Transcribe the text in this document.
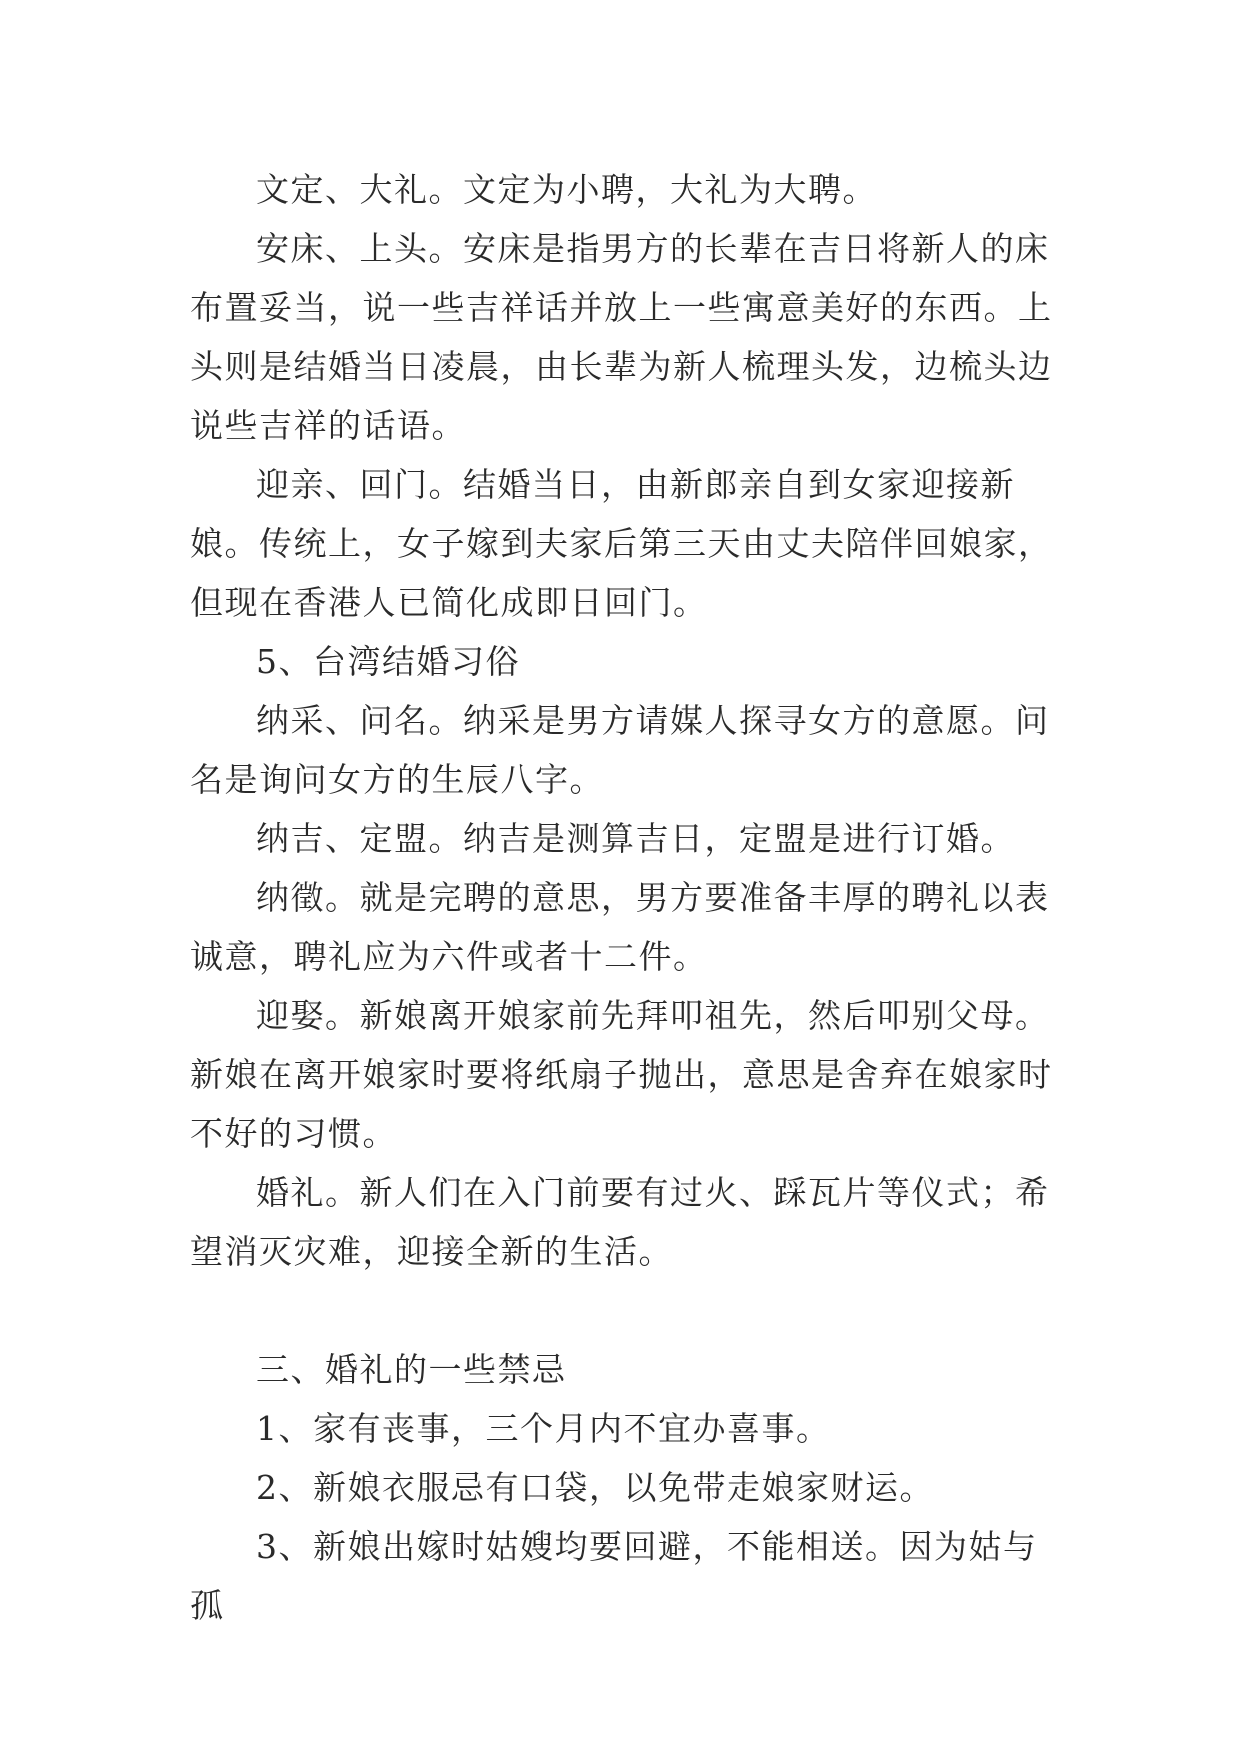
文定、大礼。文定为小聘，大礼为大聘。

安床、上头。安床是指男方的长辈在吉日将新人的床布置妥当，说一些吉祥话并放上一些寓意美好的东西。上头则是结婚当日凌晨，由长辈为新人梳理头发，边梳头边说些吉祥的话语。

迎亲、回门。结婚当日，由新郎亲自到女家迎接新娘。传统上，女子嫁到夫家后第三天由丈夫陪伴回娘家，但现在香港人已简化成即日回门。

5、台湾结婚习俗

纳采、问名。纳采是男方请媒人探寻女方的意愿。问名是询问女方的生辰八字。

纳吉、定盟。纳吉是测算吉日，定盟是进行订婚。

纳徵。就是完聘的意思，男方要准备丰厚的聘礼以表诚意，聘礼应为六件或者十二件。

迎娶。新娘离开娘家前先拜叩祖先，然后叩别父母。新娘在离开娘家时要将纸扇子抛出，意思是舍弃在娘家时不好的习惯。

婚礼。新人们在入门前要有过火、踩瓦片等仪式；希望消灭灾难，迎接全新的生活。

三、婚礼的一些禁忌

1、家有丧事，三个月内不宜办喜事。

2、新娘衣服忌有口袋，以免带走娘家财运。

3、新娘出嫁时姑嫂均要回避，不能相送。因为姑与孤
